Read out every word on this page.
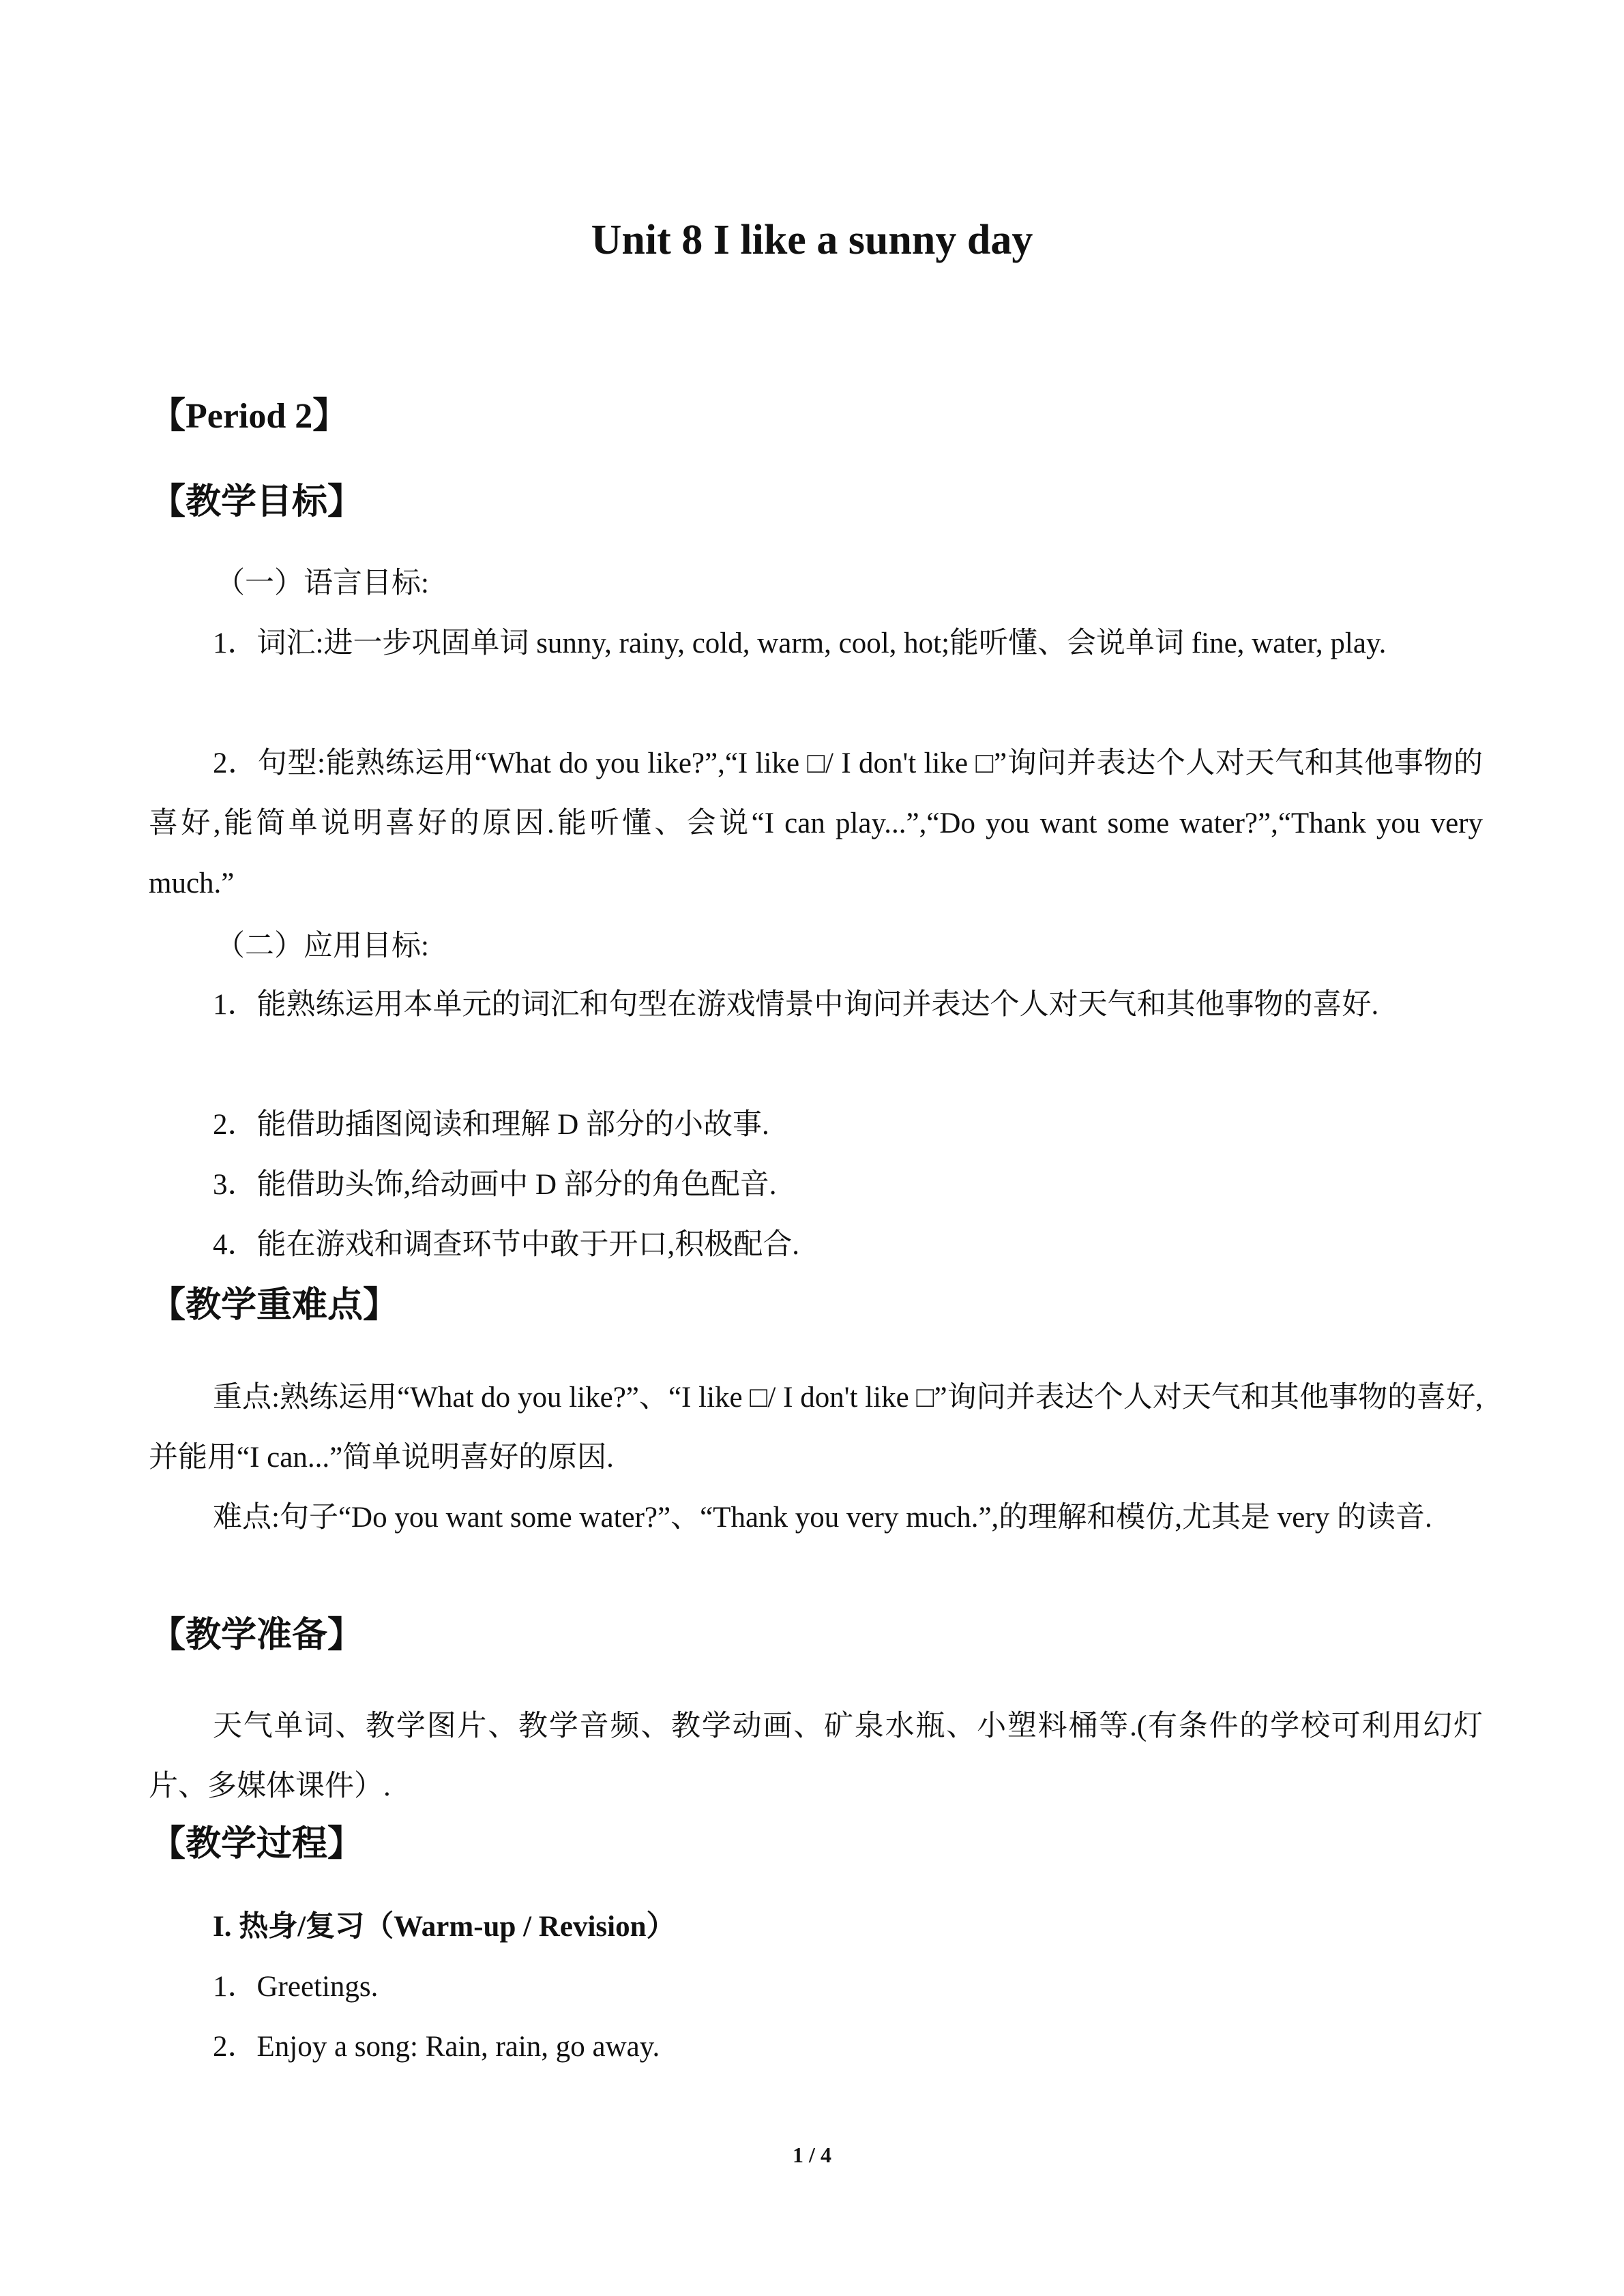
Unit 8 I like a sunny day
【Period 2】
【教学目标】

（一）语言目标:

1．词汇:进一步巩固单词 sunny, rainy, cold, warm, cool, hot;能听懂、会说单词 fine, water, play.

2．句型:能熟练运用“What do you like?”,“I like □/ I don't like □”询问并表达个人对天气和其他事物的喜好,能简单说明喜好的原因.能听懂、会说“I can play...”,“Do you want some water?”,“Thank you very much.”

（二）应用目标:

1．能熟练运用本单元的词汇和句型在游戏情景中询问并表达个人对天气和其他事物的喜好.

2．能借助插图阅读和理解 D 部分的小故事.

3．能借助头饰,给动画中 D 部分的角色配音.

4．能在游戏和调查环节中敢于开口,积极配合.

【教学重难点】

重点:熟练运用“What do you like?”、“I like □/ I don't like □”询问并表达个人对天气和其他事物的喜好,并能用“I can...”简单说明喜好的原因.

难点:句子“Do you want some water?”、“Thank you very much.”,的理解和模仿,尤其是 very 的读音.

【教学准备】

天气单词、教学图片、教学音频、教学动画、矿泉水瓶、小塑料桶等.(有条件的学校可利用幻灯片、多媒体课件）.

【教学过程】

I. 热身/复习（Warm-up / Revision）

1．Greetings.

2．Enjoy a song: Rain, rain, go away.

1 / 4
